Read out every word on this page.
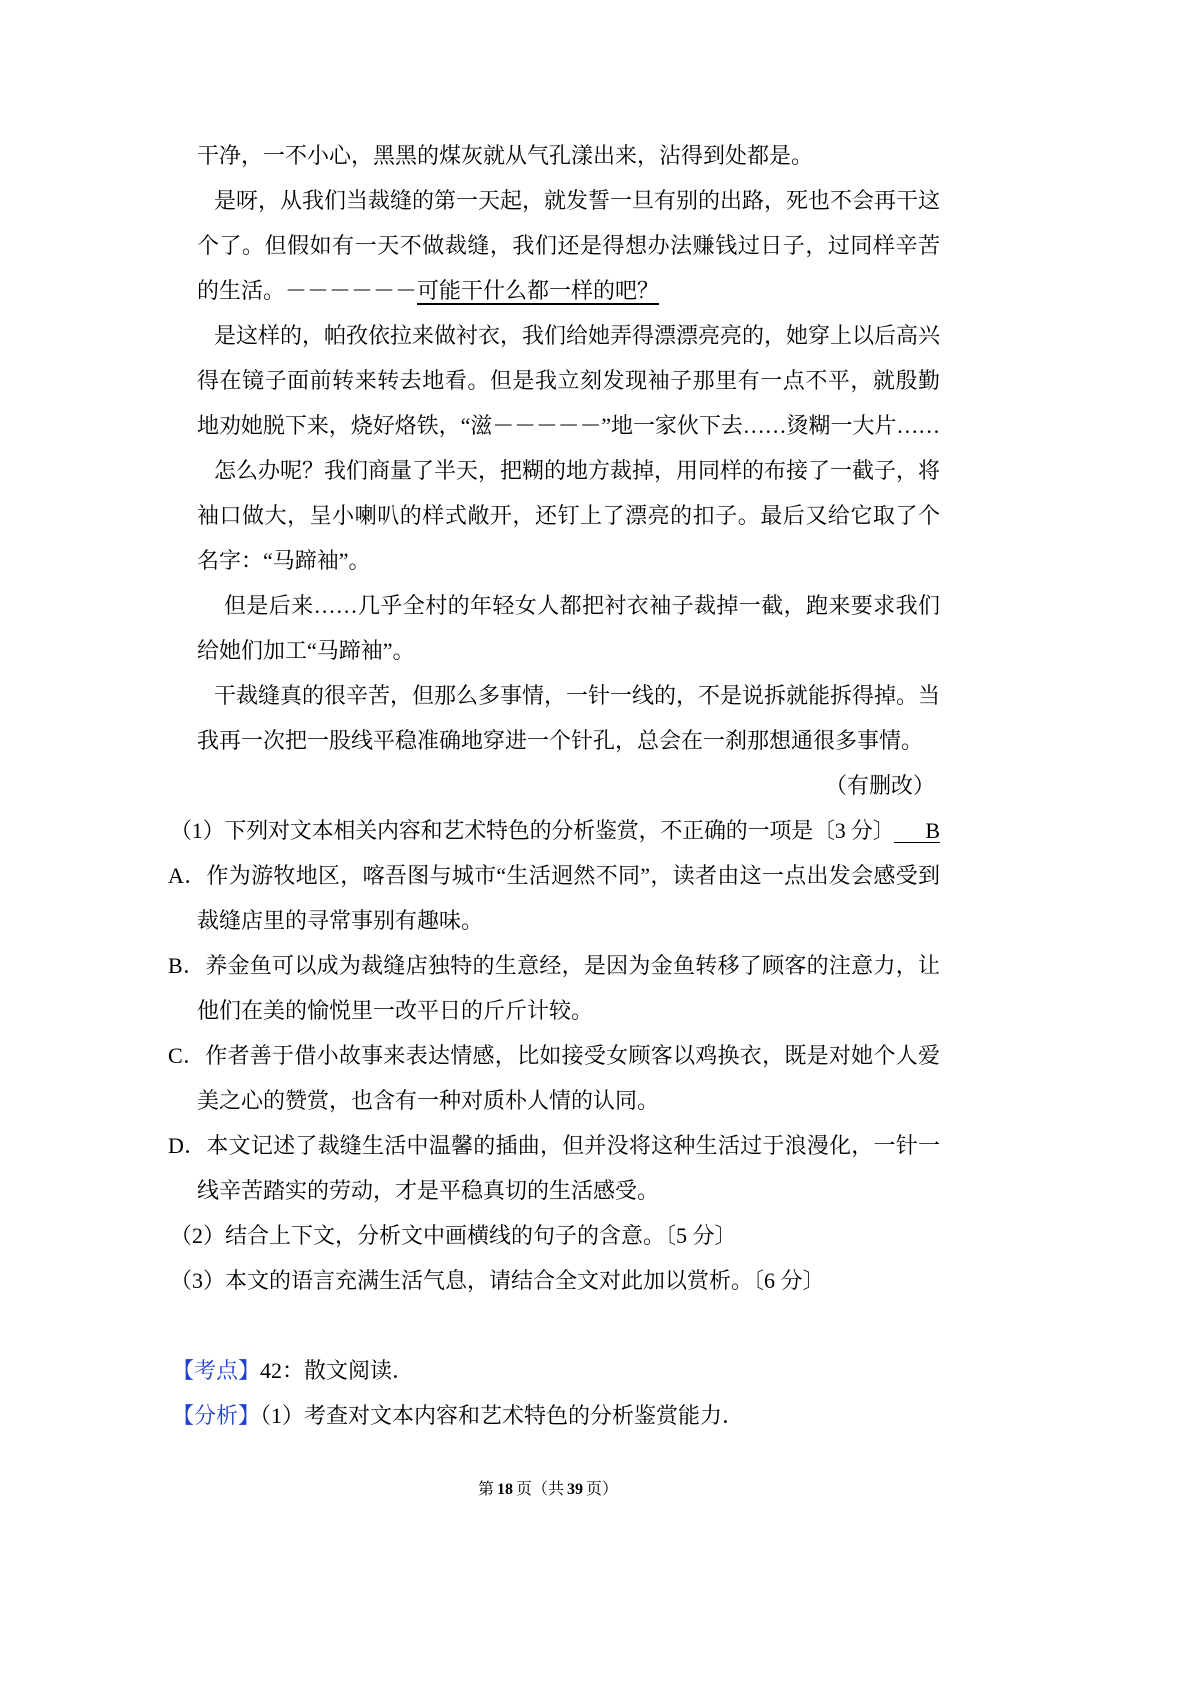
干净，一不小心，黑黑的煤灰就从气孔漾出来，沾得到处都是。
是呀，从我们当裁缝的第一天起，就发誓一旦有别的出路，死也不会再干这
个了。但假如有一天不做裁缝，我们还是得想办法赚钱过日子，过同样辛苦
的生活。－－－－－－可能干什么都一样的吧？
是这样的，帕孜依拉来做衬衣，我们给她弄得漂漂亮亮的，她穿上以后高兴
得在镜子面前转来转去地看。但是我立刻发现袖子那里有一点不平，就殷勤
地劝她脱下来，烧好烙铁，“滋－－－－－”地一家伙下去……烫糊一大片……
怎么办呢？我们商量了半天，把糊的地方裁掉，用同样的布接了一截子，将
袖口做大，呈小喇叭的样式敞开，还钉上了漂亮的扣子。最后又给它取了个
名字：“马蹄袖”。
但是后来……几乎全村的年轻女人都把衬衣袖子裁掉一截，跑来要求我们
给她们加工“马蹄袖”。
干裁缝真的很辛苦，但那么多事情，一针一线的，不是说拆就能拆得掉。当
我再一次把一股线平稳准确地穿进一个针孔，总会在一刹那想通很多事情。
（有删改）
（1）下列对文本相关内容和艺术特色的分析鉴赏，不正确的一项是〔3 分〕	B
A．作为游牧地区，喀吾图与城市“生活迥然不同”，读者由这一点出发会感受到
裁缝店里的寻常事别有趣味。
B．养金鱼可以成为裁缝店独特的生意经，是因为金鱼转移了顾客的注意力，让
他们在美的愉悦里一改平日的斤斤计较。
C．作者善于借小故事来表达情感，比如接受女顾客以鸡换衣，既是对她个人爱
美之心的赞赏，也含有一种对质朴人情的认同。
D．本文记述了裁缝生活中温馨的插曲，但并没将这种生活过于浪漫化，一针一
线辛苦踏实的劳动，才是平稳真切的生活感受。
（2）结合上下文，分析文中画横线的句子的含意。〔5 分〕
（3）本文的语言充满生活气息，请结合全文对此加以赏析。〔6 分〕
【考点】42：散文阅读．
【分析】（1）考查对文本内容和艺术特色的分析鉴赏能力．
第 18 页（共 39 页）
